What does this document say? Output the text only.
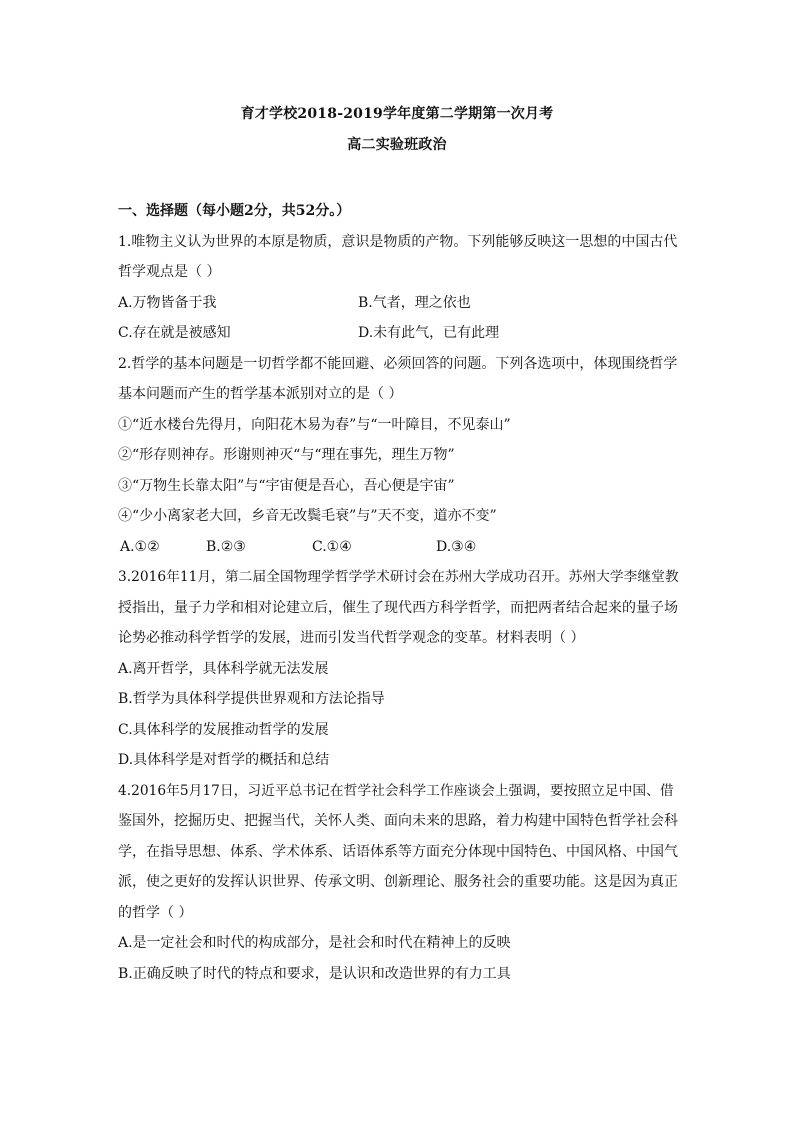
育才学校2018-2019学年度第二学期第一次月考
高二实验班政治
一、选择题（每小题2分，共52分。）
1.唯物主义认为世界的本原是物质，意识是物质的产物。下列能够反映这一思想的中国古代
哲学观点是（ ）
A.万物皆备于我	B.气者，理之依也
C.存在就是被感知	D.未有此气，已有此理
2.哲学的基本问题是一切哲学都不能回避、必须回答的问题。下列各选项中，体现围绕哲学
基本问题而产生的哲学基本派别对立的是（ ）
①“近水楼台先得月，向阳花木易为春”与“一叶障目，不见泰山”
②“形存则神存。形谢则神灭“与“理在事先，理生万物”
③“万物生长靠太阳”与“宇宙便是吾心，吾心便是宇宙”
④“少小离家老大回，乡音无改鬓毛衰”与”天不变，道亦不变”
A.①②	B.②③	C.①④	D.③④
3.2016年11月，第二届全国物理学哲学学术研讨会在苏州大学成功召开。苏州大学李继堂教
授指出，量子力学和相对论建立后，催生了现代西方科学哲学，而把两者结合起来的量子场
论势必推动科学哲学的发展，进而引发当代哲学观念的变革。材料表明（ ）
A.离开哲学，具体科学就无法发展
B.哲学为具体科学提供世界观和方法论指导
C.具体科学的发展推动哲学的发展
D.具体科学是对哲学的概括和总结
4.2016年5月17日，习近平总书记在哲学社会科学工作座谈会上强调，要按照立足中国、借
鉴国外，挖掘历史、把握当代，关怀人类、面向未来的思路，着力构建中国特色哲学社会科
学，在指导思想、体系、学术体系、话语体系等方面充分体现中国特色、中国风格、中国气
派，使之更好的发挥认识世界、传承文明、创新理论、服务社会的重要功能。这是因为真正
的哲学（ ）
A.是一定社会和时代的构成部分，是社会和时代在精神上的反映
B.正确反映了时代的特点和要求，是认识和改造世界的有力工具
